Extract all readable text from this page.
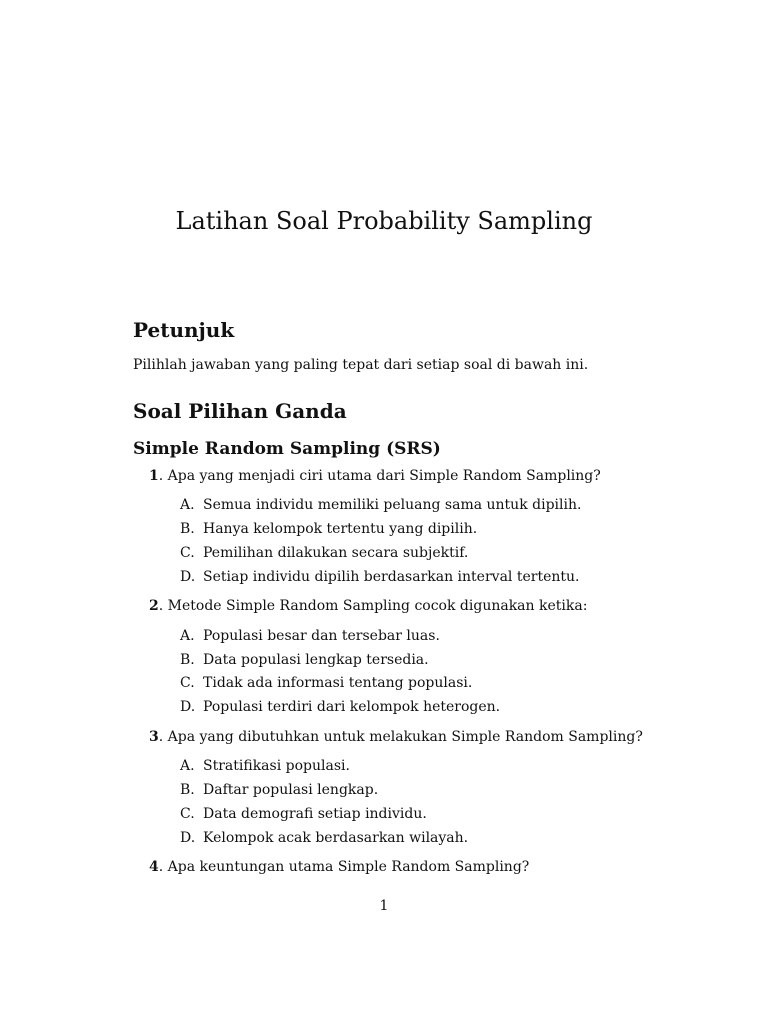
Latihan Soal Probability Sampling
Petunjuk

Pilihlah jawaban yang paling tepat dari setiap soal di bawah ini.

Soal Pilihan Ganda
Simple Random Sampling (SRS)

1. Apa yang menjadi ciri utama dari Simple Random Sampling?

A. Semua individu memiliki peluang sama untuk dipilih.

B. Hanya kelompok tertentu yang dipilih.

C. Pemilihan dilakukan secara subjektif.

D. Setiap individu dipilih berdasarkan interval tertentu.

2. Metode Simple Random Sampling cocok digunakan ketika:

A. Populasi besar dan tersebar luas.

B. Data populasi lengkap tersedia.

C. Tidak ada informasi tentang populasi.

D. Populasi terdiri dari kelompok heterogen.

3. Apa yang dibutuhkan untuk melakukan Simple Random Sampling?

A. Stratifikasi populasi.

B. Daftar populasi lengkap.

C. Data demografi setiap individu.

D. Kelompok acak berdasarkan wilayah.

4. Apa keuntungan utama Simple Random Sampling?

1
